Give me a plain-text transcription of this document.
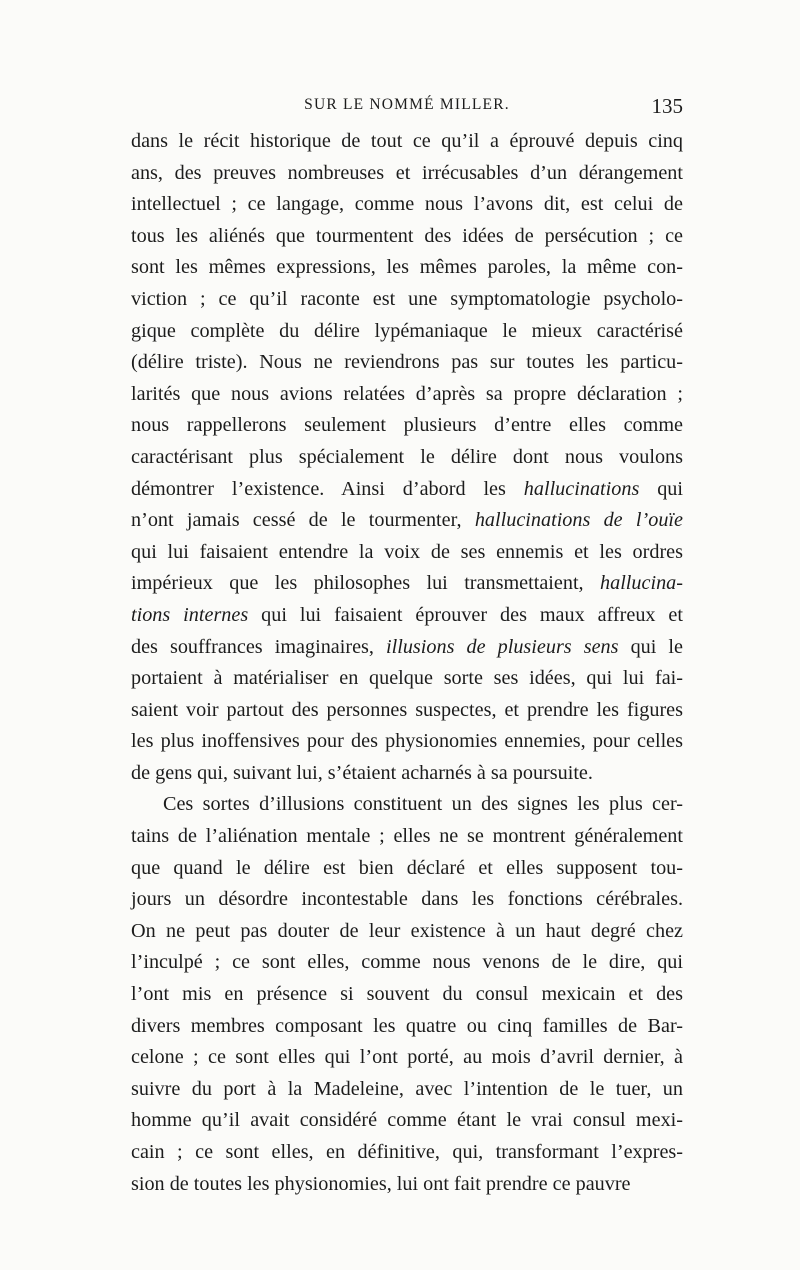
SUR LE NOMMÉ MILLER.	135
dans le récit historique de tout ce qu’il a éprouvé depuis cinq
ans, des preuves nombreuses et irrécusables d’un dérangement
intellectuel ; ce langage, comme nous l’avons dit, est celui de
tous les aliénés que tourmentent des idées de persécution ; ce
sont les mêmes expressions, les mêmes paroles, la même con-
viction ; ce qu’il raconte est une symptomatologie psycholo-
gique complète du délire lypémaniaque le mieux caractérisé
(délire triste). Nous ne reviendrons pas sur toutes les particu-
larités que nous avions relatées d’après sa propre déclaration ;
nous rappellerons seulement plusieurs d’entre elles comme
caractérisant plus spécialement le délire dont nous voulons
démontrer l’existence. Ainsi d’abord les hallucinations qui
n’ont jamais cessé de le tourmenter, hallucinations de l’ouïe
qui lui faisaient entendre la voix de ses ennemis et les ordres
impérieux que les philosophes lui transmettaient, hallucina-
tions internes qui lui faisaient éprouver des maux affreux et
des souffrances imaginaires, illusions de plusieurs sens qui le
portaient à matérialiser en quelque sorte ses idées, qui lui fai-
saient voir partout des personnes suspectes, et prendre les figures
les plus inoffensives pour des physionomies ennemies, pour celles
de gens qui, suivant lui, s’étaient acharnés à sa poursuite.
Ces sortes d’illusions constituent un des signes les plus cer-
tains de l’aliénation mentale ; elles ne se montrent généralement
que quand le délire est bien déclaré et elles supposent tou-
jours un désordre incontestable dans les fonctions cérébrales.
On ne peut pas douter de leur existence à un haut degré chez
l’inculpé ; ce sont elles, comme nous venons de le dire, qui
l’ont mis en présence si souvent du consul mexicain et des
divers membres composant les quatre ou cinq familles de Bar-
celone ; ce sont elles qui l’ont porté, au mois d’avril dernier, à
suivre du port à la Madeleine, avec l’intention de le tuer, un
homme qu’il avait considéré comme étant le vrai consul mexi-
cain ; ce sont elles, en définitive, qui, transformant l’expres-
sion de toutes les physionomies, lui ont fait prendre ce pauvre
